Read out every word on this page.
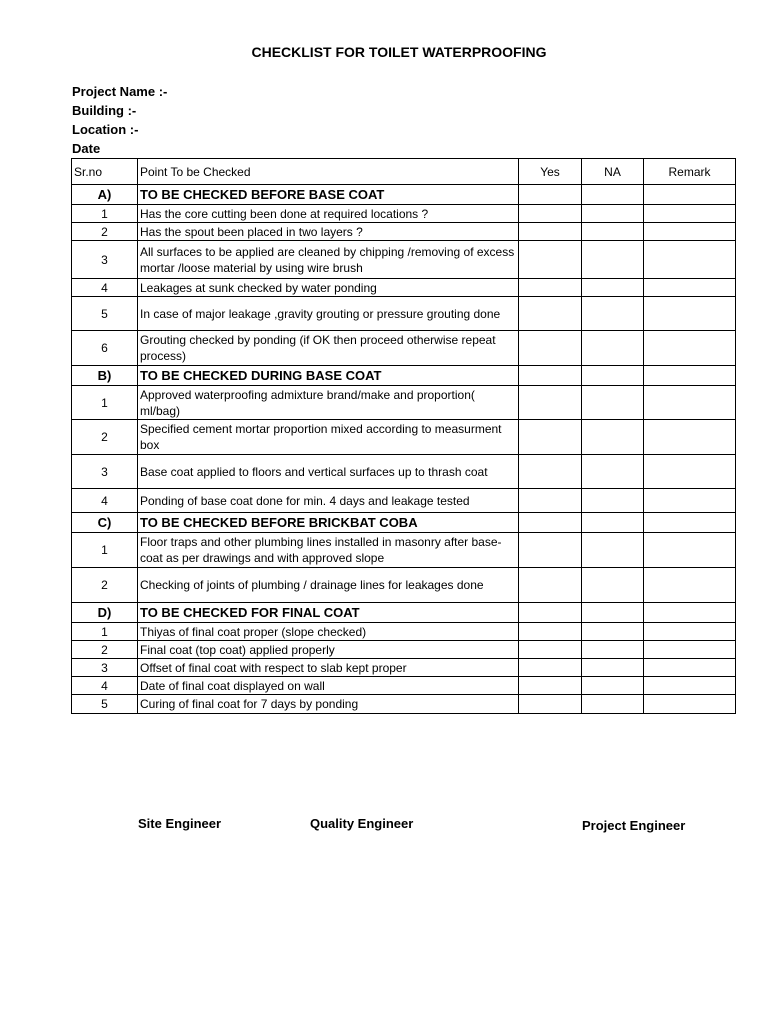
CHECKLIST FOR TOILET WATERPROOFING
Project Name :-
Building :-
Location :-
Date
Sr.no	Point To be Checked	Yes	NA	Remark
A)	TO BE CHECKED BEFORE BASE COAT			
1	Has the core cutting been done at required locations ?			
2	Has the spout been placed in two layers ?			
3	All surfaces to be applied are cleaned by chipping /removing of excess mortar /loose material by using wire brush			
4	Leakages at sunk checked by water ponding			
5	In case of major leakage ,gravity grouting or pressure grouting done			
6	Grouting checked by ponding (if OK then proceed otherwise repeat process)			
B)	TO BE CHECKED DURING BASE COAT			
1	Approved waterproofing admixture brand/make and proportion( ml/bag)			
2	Specified cement mortar proportion mixed according to measurment box			
3	Base coat applied to floors and vertical surfaces up to thrash coat			
4	Ponding of base coat done for min. 4 days and leakage tested			
C)	TO BE CHECKED BEFORE BRICKBAT COBA			
1	Floor traps and other plumbing lines installed in masonry after base-coat as per drawings and with approved slope			
2	Checking of joints of plumbing / drainage lines for leakages done			
D)	TO BE CHECKED FOR FINAL COAT			
1	Thiyas of final coat proper (slope checked)			
2	Final coat (top coat) applied properly			
3	Offset of final coat with respect to slab kept proper			
4	Date of final coat displayed on wall			
5	Curing of final coat for 7 days by ponding			
Site Engineer	Quality Engineer	Project Engineer
